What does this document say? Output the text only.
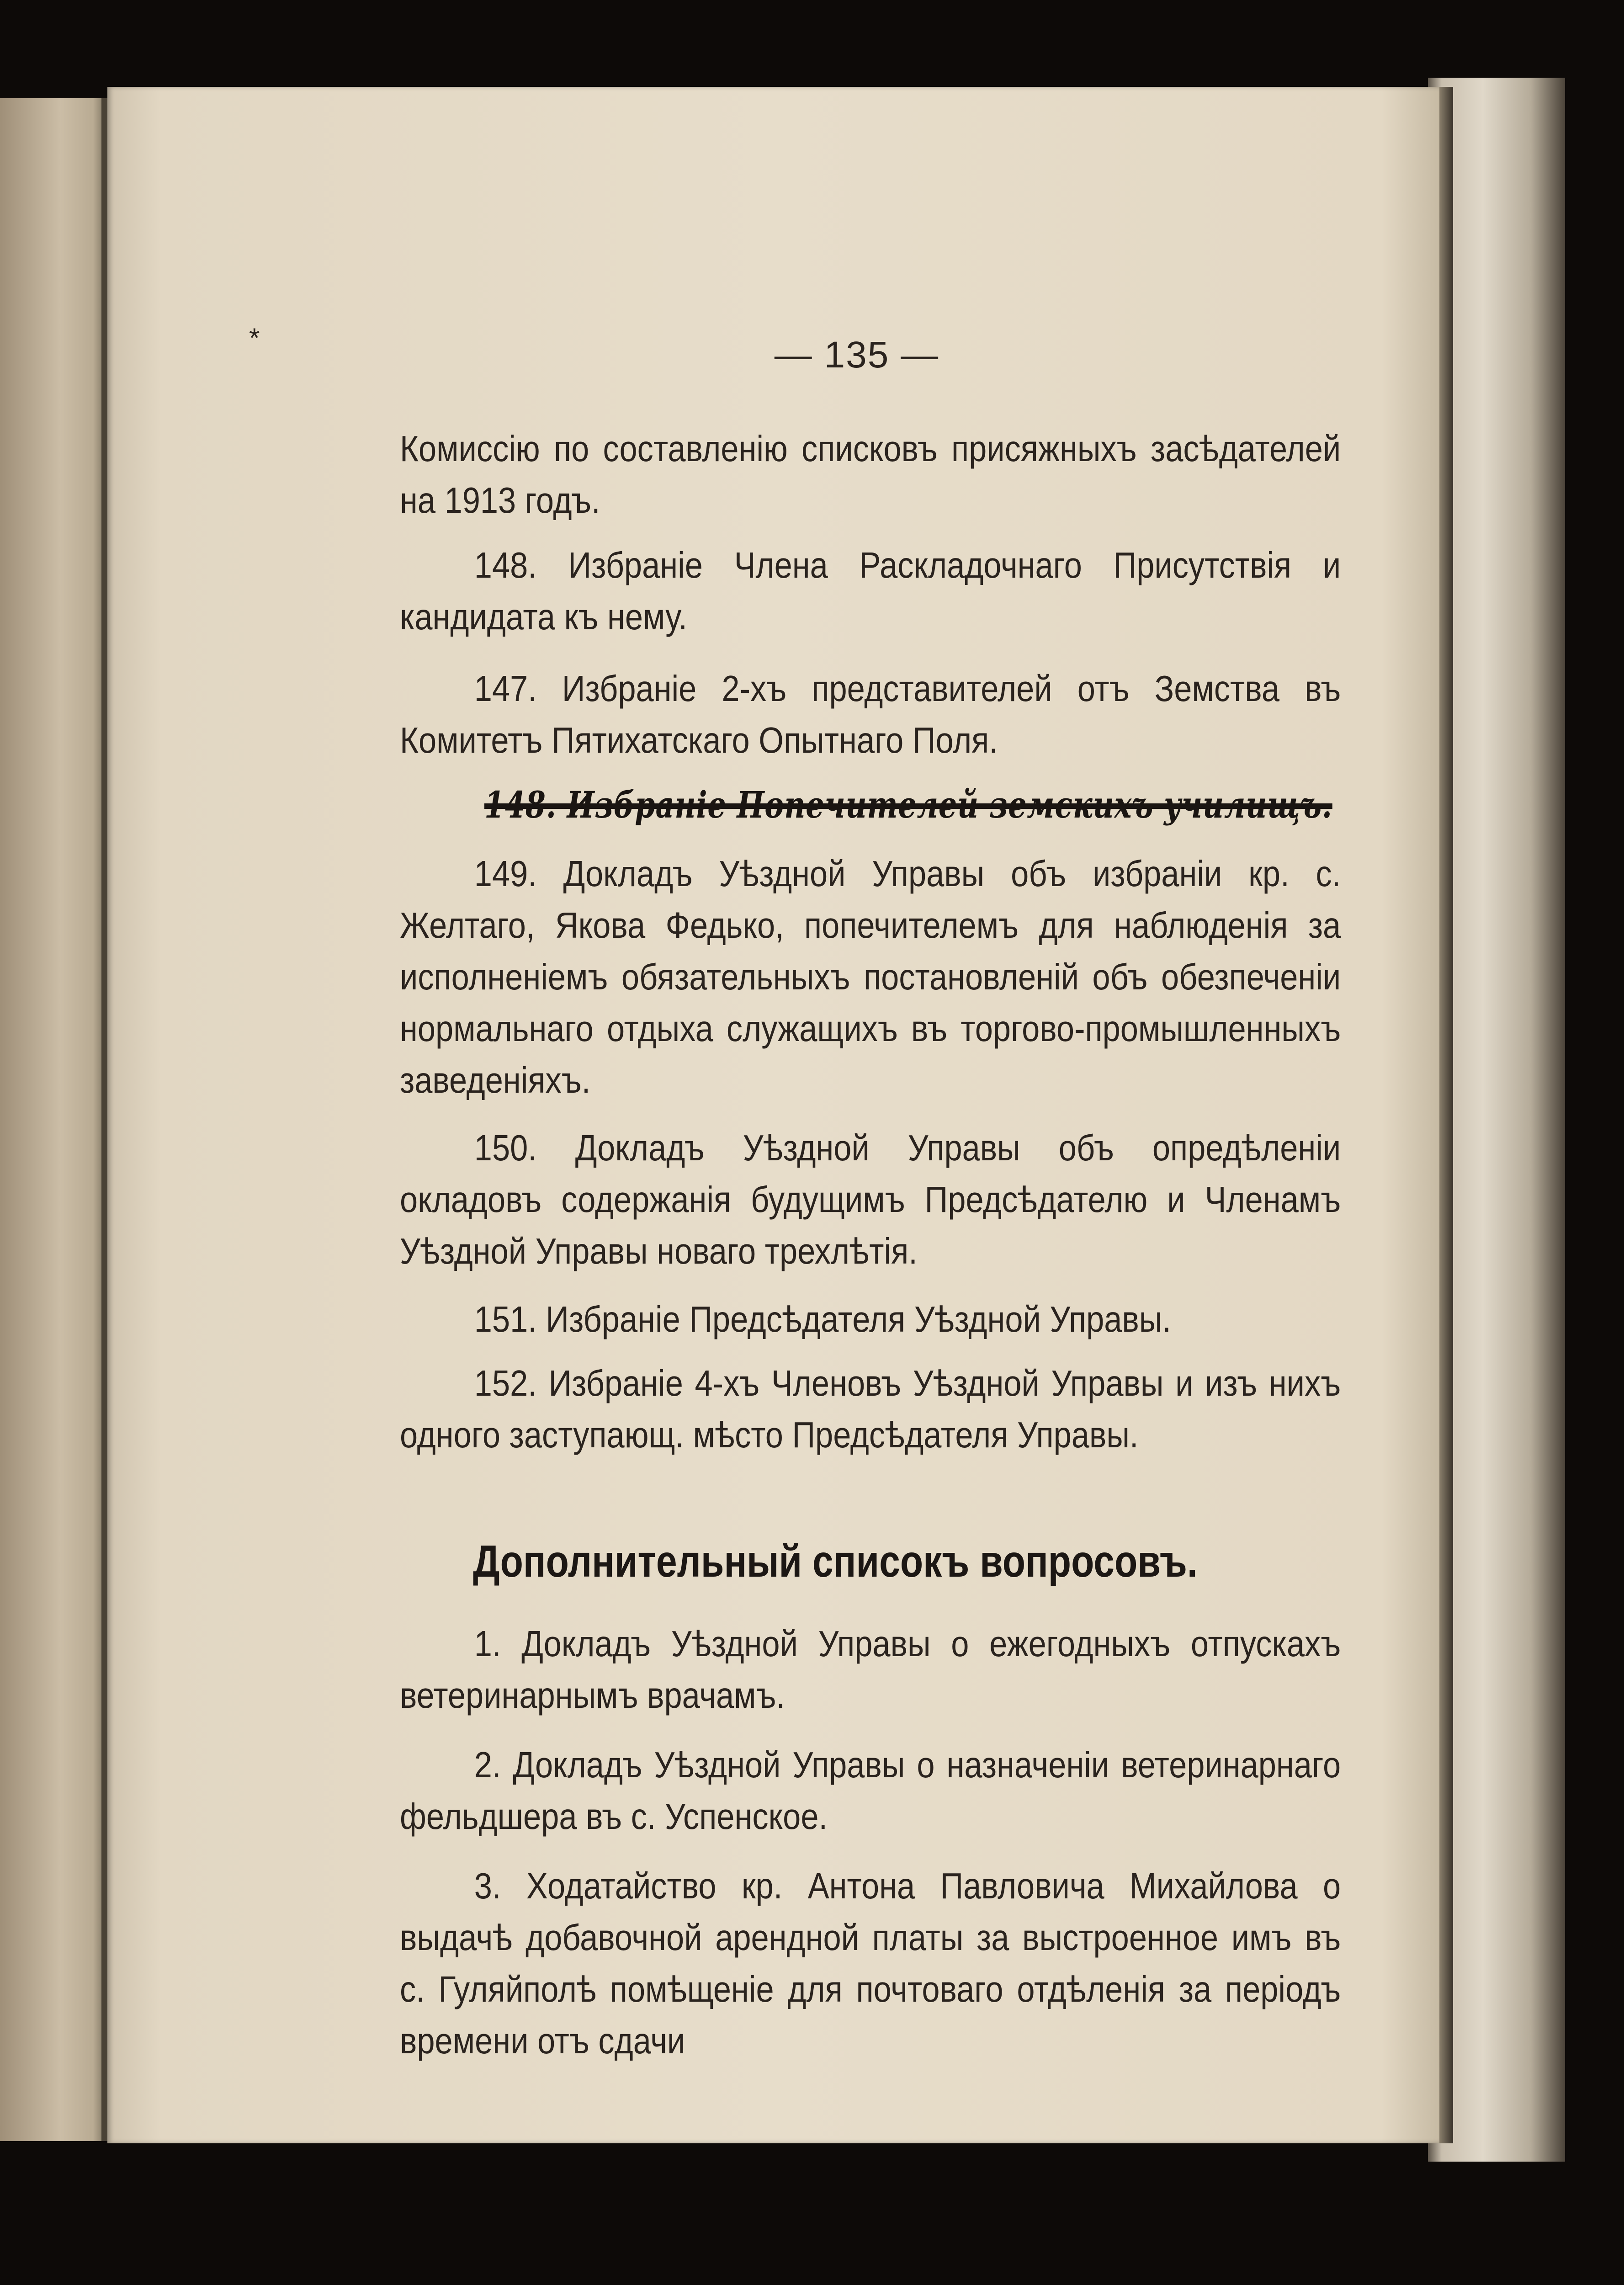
— 135 —

Комиссію по составленію списковъ присяжныхъ засѣдателей на 1913 годъ.

148. Избраніе Члена Раскладочнаго Присутствія и кандидата къ нему.

147. Избраніе 2-хъ представителей отъ Земства въ Комитетъ Пятихатскаго Опытнаго Поля.

148. Избраніе Попечителей земскихъ училищъ.

149. Докладъ Уѣздной Управы объ избраніи кр. с. Желтаго, Якова Федько, попечителемъ для наблюденія за исполненіемъ обязательныхъ постановленій объ обезпеченіи нормальнаго отдыха служащихъ въ торгово-промышленныхъ заведеніяхъ.

150. Докладъ Уѣздной Управы объ опредѣленіи окладовъ содержанія будущимъ Предсѣдателю и Членамъ Уѣздной Управы новаго трехлѣтія.

151. Избраніе Предсѣдателя Уѣздной Управы.

152. Избраніе 4-хъ Членовъ Уѣздной Управы и изъ нихъ одного заступающ. мѣсто Предсѣдателя Управы.

Дополнительный списокъ вопросовъ.

1. Докладъ Уѣздной Управы о ежегодныхъ отпускахъ ветеринарнымъ врачамъ.

2. Докладъ Уѣздной Управы о назначеніи ветеринарнаго фельдшера въ с. Успенское.

3. Ходатайство кр. Антона Павловича Михайлова о выдачѣ добавочной арендной платы за выстроенное имъ въ с. Гуляйполѣ помѣщеніе для почтоваго отдѣленія за періодъ времени отъ сдачи

*
